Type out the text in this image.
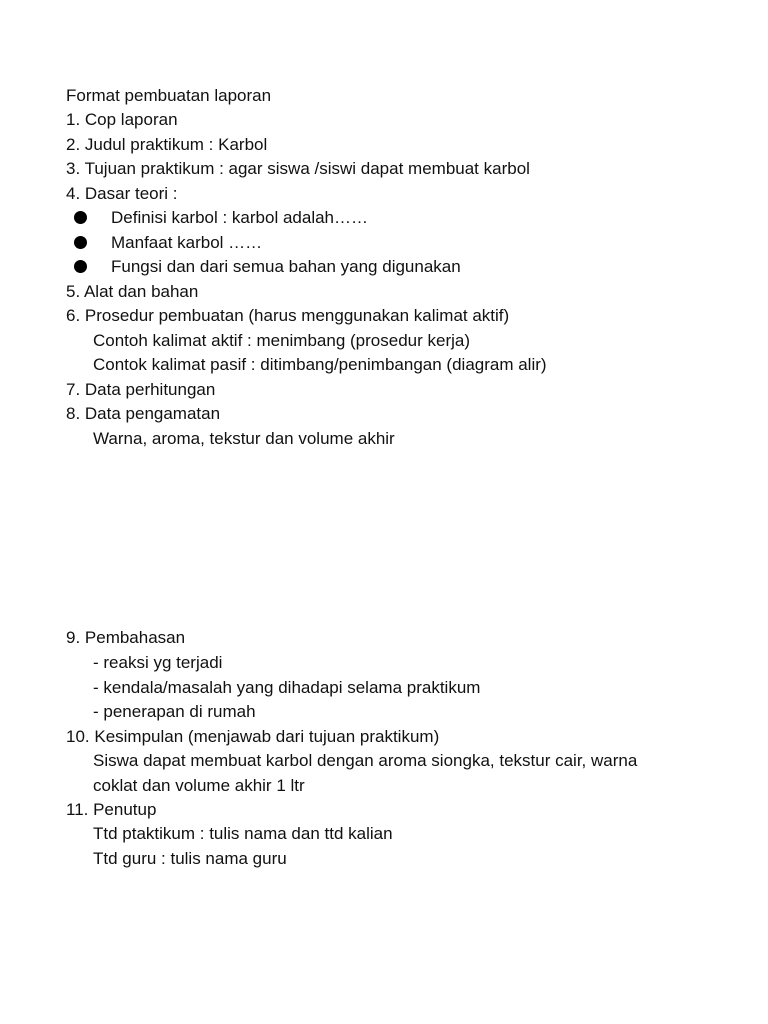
Format pembuatan laporan
1. Cop laporan
2. Judul praktikum : Karbol
3. Tujuan praktikum : agar siswa /siswi dapat membuat karbol
4. Dasar teori :
Definisi karbol : karbol adalah……
Manfaat karbol ……
Fungsi dan dari semua bahan yang digunakan
5. Alat dan bahan
6. Prosedur pembuatan (harus menggunakan kalimat aktif)
Contoh kalimat aktif : menimbang (prosedur kerja)
Contok kalimat pasif : ditimbang/penimbangan (diagram alir)
7. Data perhitungan
8. Data pengamatan
Warna, aroma, tekstur dan volume akhir
9. Pembahasan
- reaksi yg terjadi
- kendala/masalah yang dihadapi selama praktikum
- penerapan di rumah
10. Kesimpulan (menjawab dari tujuan praktikum)
Siswa dapat membuat karbol dengan aroma siongka, tekstur cair, warna
coklat dan volume akhir 1 ltr
11. Penutup
Ttd ptaktikum : tulis nama dan ttd kalian
Ttd guru : tulis nama guru
